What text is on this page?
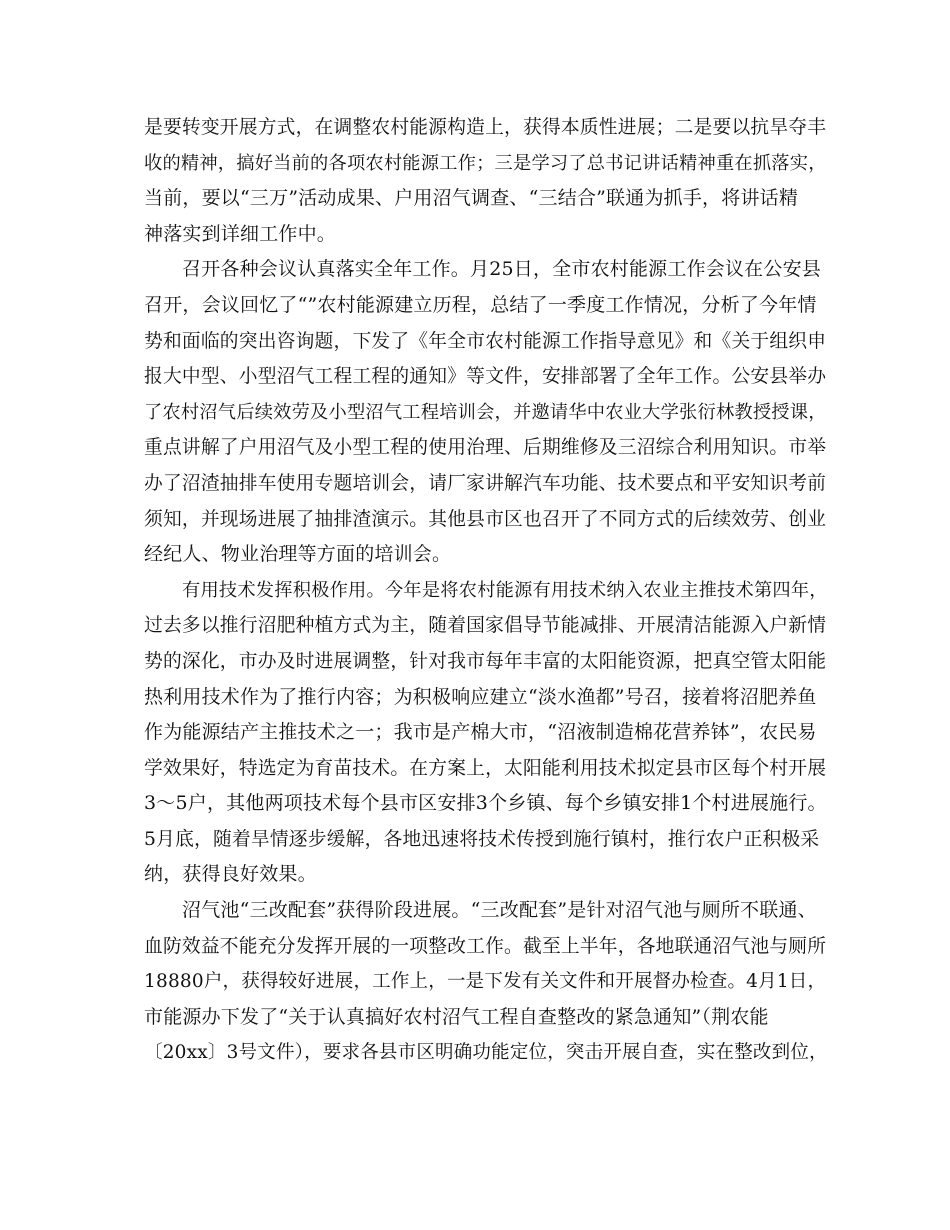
是要转变开展方式，在调整农村能源构造上，获得本质性进展；二是要以抗旱夺丰
收的精神，搞好当前的各项农村能源工作；三是学习了总书记讲话精神重在抓落实，
当前，要以“三万”活动成果、户用沼气调查、“三结合”联通为抓手，将讲话精
神落实到详细工作中。
召开各种会议认真落实全年工作。月25日，全市农村能源工作会议在公安县
召开，会议回忆了“”农村能源建立历程，总结了一季度工作情况，分析了今年情
势和面临的突出咨询题，下发了《年全市农村能源工作指导意见》和《关于组织申
报大中型、小型沼气工程工程的通知》等文件，安排部署了全年工作。公安县举办
了农村沼气后续效劳及小型沼气工程培训会，并邀请华中农业大学张衍林教授授课，
重点讲解了户用沼气及小型工程的使用治理、后期维修及三沼综合利用知识。市举
办了沼渣抽排车使用专题培训会，请厂家讲解汽车功能、技术要点和平安知识考前
须知，并现场进展了抽排渣演示。其他县市区也召开了不同方式的后续效劳、创业
经纪人、物业治理等方面的培训会。
有用技术发挥积极作用。今年是将农村能源有用技术纳入农业主推技术第四年，
过去多以推行沼肥种植方式为主，随着国家倡导节能减排、开展清洁能源入户新情
势的深化，市办及时进展调整，针对我市每年丰富的太阳能资源，把真空管太阳能
热利用技术作为了推行内容；为积极响应建立“淡水渔都”号召，接着将沼肥养鱼
作为能源结产主推技术之一；我市是产棉大市，“沼液制造棉花营养钵”，农民易
学效果好，特选定为育苗技术。在方案上，太阳能利用技术拟定县市区每个村开展
3～5户，其他两项技术每个县市区安排3个乡镇、每个乡镇安排1个村进展施行。
5月底，随着旱情逐步缓解，各地迅速将技术传授到施行镇村，推行农户正积极采
纳，获得良好效果。
沼气池“三改配套”获得阶段进展。“三改配套”是针对沼气池与厕所不联通、
血防效益不能充分发挥开展的一项整改工作。截至上半年，各地联通沼气池与厕所
18880户，获得较好进展，工作上，一是下发有关文件和开展督办检查。4月1日，
市能源办下发了“关于认真搞好农村沼气工程自查整改的紧急通知”（荆农能
〔20xx〕3号文件），要求各县市区明确功能定位，突击开展自查，实在整改到位，
